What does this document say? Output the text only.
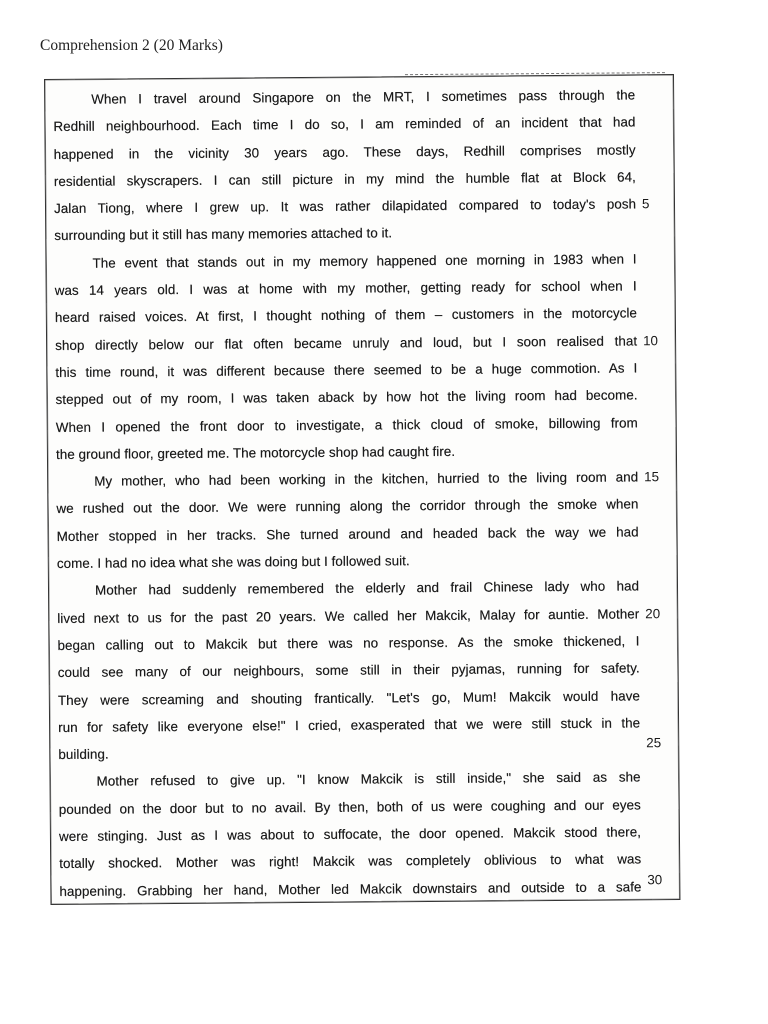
Comprehension 2 (20 Marks)
When I travel around Singapore on the MRT, I sometimes pass through the
Redhill neighbourhood. Each time I do so, I am reminded of an incident that had
happened in the vicinity 30 years ago. These days, Redhill comprises mostly
residential skyscrapers. I can still picture in my mind the humble flat at Block 64,
Jalan Tiong, where I grew up. It was rather dilapidated compared to today's posh
surrounding but it still has many memories attached to it.
The event that stands out in my memory happened one morning in 1983 when I
was 14 years old. I was at home with my mother, getting ready for school when I
heard raised voices. At first, I thought nothing of them – customers in the motorcycle
shop directly below our flat often became unruly and loud, but I soon realised that
this time round, it was different because there seemed to be a huge commotion. As I
stepped out of my room, I was taken aback by how hot the living room had become.
When I opened the front door to investigate, a thick cloud of smoke, billowing from
the ground floor, greeted me. The motorcycle shop had caught fire.
My mother, who had been working in the kitchen, hurried to the living room and
we rushed out the door. We were running along the corridor through the smoke when
Mother stopped in her tracks. She turned around and headed back the way we had
come. I had no idea what she was doing but I followed suit.
Mother had suddenly remembered the elderly and frail Chinese lady who had
lived next to us for the past 20 years. We called her Makcik, Malay for auntie. Mother
began calling out to Makcik but there was no response. As the smoke thickened, I
could see many of our neighbours, some still in their pyjamas, running for safety.
They were screaming and shouting frantically. "Let's go, Mum! Makcik would have
run for safety like everyone else!" I cried, exasperated that we were still stuck in the
building.
Mother refused to give up. "I know Makcik is still inside," she said as she
pounded on the door but to no avail. By then, both of us were coughing and our eyes
were stinging. Just as I was about to suffocate, the door opened. Makcik stood there,
totally shocked. Mother was right! Makcik was completely oblivious to what was
happening. Grabbing her hand, Mother led Makcik downstairs and outside to a safe
5
10
15
20
25
30
